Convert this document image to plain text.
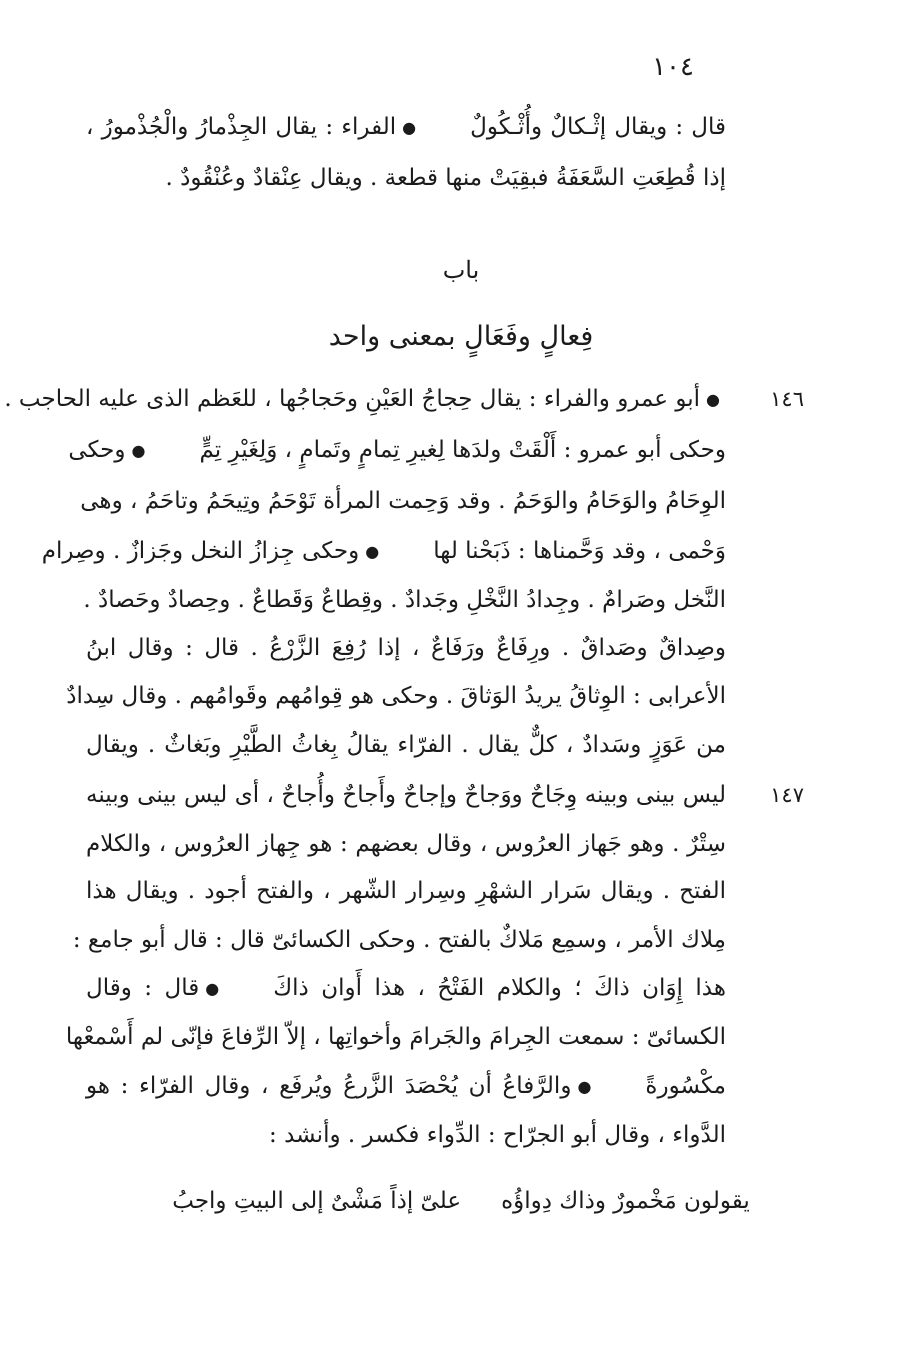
١٠٤
قال : ويقال إثْـكالٌ وأُثْـكُولٌ●الفراء : يقال الجِذْمارُ والْجُذْمورُ ،
إذا قُطِعَتِ السَّعَفَةُ فبقِيَتْ منها قطعة . ويقال عِنْقادٌ وعُنْقُودٌ .
باب
فِعالٍ وفَعَالٍ بمعنى واحد
١٤٦
●أبو عمرو والفراء : يقال حِجاجُ العَيْنِ وحَجاجُها ، للعَظم الذى عليه الحاجب .
وحكى أبو عمرو : أَلْقَتْ ولدَها لِغيرِ تِمامٍ وتَمامٍ ، وَلِغَيْرِ تِمٍّ●وحكى
الوِحَامُ والوَحَامُ والوَحَمُ . وقد وَحِمت المرأة تَوْحَمُ وتِيحَمُ وتاحَمُ ، وهى
وَحْمى ، وقد وَحَّمناها : ذَبَحْنا لها●وحكى جِزازُ النخل وجَزازٌ . وصِرام
النَّخل وصَرامٌ . وجِدادُ النَّخْلِ وجَدادٌ . وقِطاعٌ وَقَطاعٌ . وحِصادٌ وحَصادٌ .
وصِداقٌ وصَداقٌ . ورِفَاعٌ ورَفَاعٌ ، إذا رُفِعَ الزَّرْعُ . قال : وقال ابنُ
الأعرابى : الوِثاقُ يريدُ الوَثاقَ . وحكى هو قِوامُهم وقَوامُهم . وقال سِدادٌ
من عَوَزٍ وسَدادٌ ، كلٌّ يقال . الفرّاء يقالُ بِغاثُ الطَّيْرِ وبَغاثٌ . ويقال
١٤٧
ليس بينى وبينه وِجَاحٌ ووَجاحٌ وإجاحٌ وأَجاحٌ وأُجاحٌ ، أى ليس بينى وبينه
سِتْرٌ . وهو جَهاز العرُوس ، وقال بعضهم : هو جِهاز العرُوس ، والكلام
الفتح . ويقال سَرار الشهْرِ وسِرار الشّهر ، والفتح أجود . ويقال هذا
مِلاك الأمر ، وسمِع مَلاكٌ بالفتح . وحكى الكسائىّ قال : قال أبو جامع :
هذا إِوَان ذاكَ ؛ والكلام الفَتْحُ ، هذا أَوان ذاكَ●قال : وقال
الكسائىّ : سمعت الجِرامَ والجَرامَ وأخواتِها ، إلاّ الرِّفاعَ فإنّى لم أَسْمعْها
مكْسُورةً●والرَّفاعُ أن يُحْصَدَ الزَّرعُ ويُرفَع ، وقال الفرّاء : هو
الدَّواء ، وقال أبو الجرّاح : الدِّواء فكسر . وأنشد :
يقولون مَخْمورٌ وذاك دِواؤُهعلىّ إذاً مَشْىٌ إلى البيتِ واجبُ
